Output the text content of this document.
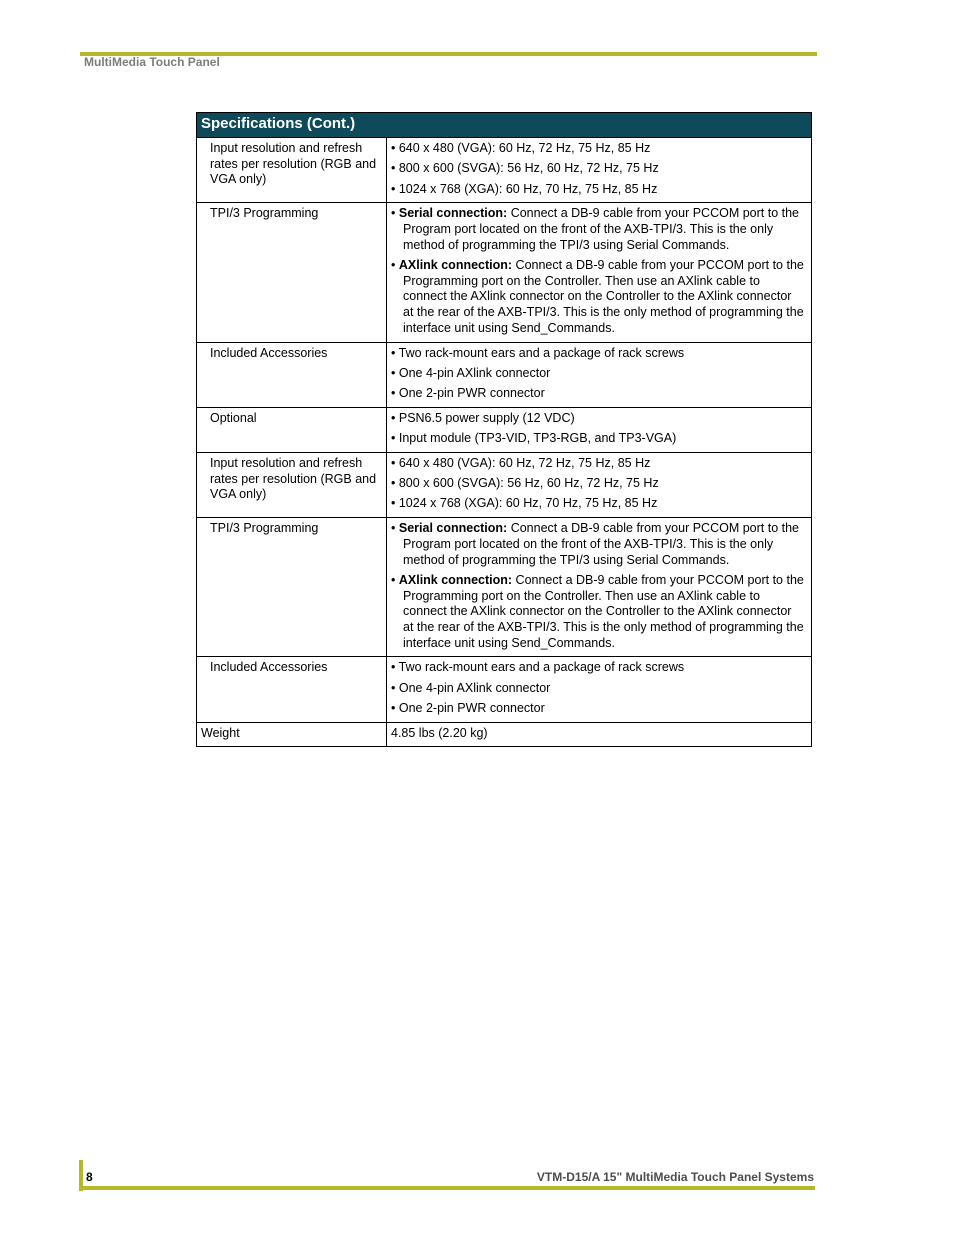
MultiMedia Touch Panel
Specifications (Cont.)	
Input resolution and refresh rates per resolution (RGB and VGA only)	• 640 x 480 (VGA): 60 Hz, 72 Hz, 75 Hz, 85 Hz
• 800 x 600 (SVGA): 56 Hz, 60 Hz, 72 Hz, 75 Hz
• 1024 x 768 (XGA): 60 Hz, 70 Hz, 75 Hz, 85 Hz

TPI/3 Programming	• Serial connection: Connect a DB-9 cable from your PCCOM port to the Program port located on the front of the AXB-TPI/3. This is the only method of programming the TPI/3 using Serial Commands.
• AXlink connection: Connect a DB-9 cable from your PCCOM port to the Programming port on the Controller. Then use an AXlink cable to connect the AXlink connector on the Controller to the AXlink connector at the rear of the AXB-TPI/3. This is the only method of programming the interface unit using Send_Commands.

Included Accessories	• Two rack-mount ears and a package of rack screws
• One 4-pin AXlink connector
• One 2-pin PWR connector

Optional	• PSN6.5 power supply (12 VDC)
• Input module (TP3-VID, TP3-RGB, and TP3-VGA)

Input resolution and refresh rates per resolution (RGB and VGA only)	• 640 x 480 (VGA): 60 Hz, 72 Hz, 75 Hz, 85 Hz
• 800 x 600 (SVGA): 56 Hz, 60 Hz, 72 Hz, 75 Hz
• 1024 x 768 (XGA): 60 Hz, 70 Hz, 75 Hz, 85 Hz

TPI/3 Programming	• Serial connection: Connect a DB-9 cable from your PCCOM port to the Program port located on the front of the AXB-TPI/3. This is the only method of programming the TPI/3 using Serial Commands.
• AXlink connection: Connect a DB-9 cable from your PCCOM port to the Programming port on the Controller. Then use an AXlink cable to connect the AXlink connector on the Controller to the AXlink connector at the rear of the AXB-TPI/3. This is the only method of programming the interface unit using Send_Commands.

Included Accessories	• Two rack-mount ears and a package of rack screws
• One 4-pin AXlink connector
• One 2-pin PWR connector

Weight	4.85 lbs (2.20 kg)
8	VTM-D15/A 15" MultiMedia Touch Panel Systems
